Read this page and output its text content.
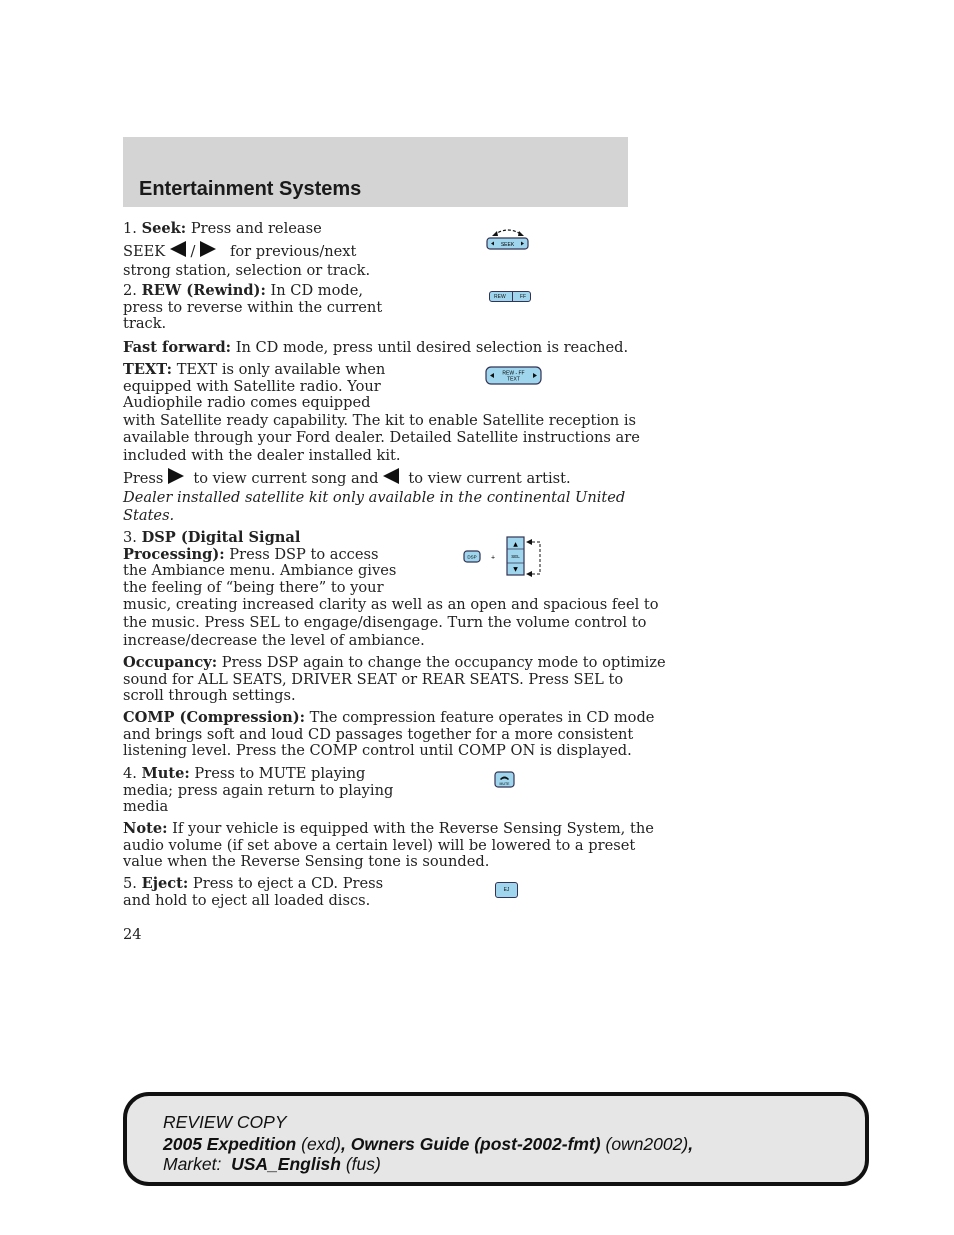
Entertainment Systems
1. Seek: Press and release
SEEK / for previous/next
strong station, selection or track.
SEEK
2. REW (Rewind): In CD mode,
press to reverse within the current
track.
REW	FF
Fast forward: In CD mode, press until desired selection is reached.
TEXT: TEXT is only available when
equipped with Satellite radio. Your
Audiophile radio comes equipped
with Satellite ready capability. The kit to enable Satellite reception is
available through your Ford dealer. Detailed Satellite instructions are
included with the dealer installed kit.
Press to view current song and to view current artist.
REW - FF
TEXT
Dealer installed satellite kit only available in the continental United
States.
3. DSP (Digital Signal
Processing): Press DSP to access
the Ambiance menu. Ambiance gives
the feeling of “being there” to your
music, creating increased clarity as well as an open and spacious feel to
the music. Press SEL to engage/disengage. Turn the volume control to
increase/decrease the level of ambiance.
DSP +
▲
SEL
▼
Occupancy: Press DSP again to change the occupancy mode to optimize
sound for ALL SEATS, DRIVER SEAT or REAR SEATS. Press SEL to
scroll through settings.
COMP (Compression): The compression feature operates in CD mode
and brings soft and loud CD passages together for a more consistent
listening level. Press the COMP control until COMP ON is displayed.
4. Mute: Press to MUTE playing
media; press again return to playing
media
MUTE
Note: If your vehicle is equipped with the Reverse Sensing System, the
audio volume (if set above a certain level) will be lowered to a preset
value when the Reverse Sensing tone is sounded.
5. Eject: Press to eject a CD. Press
and hold to eject all loaded discs.
EJ
24
REVIEW COPY
2005 Expedition (exd), Owners Guide (post-2002-fmt) (own2002),
Market: USA_English (fus)
